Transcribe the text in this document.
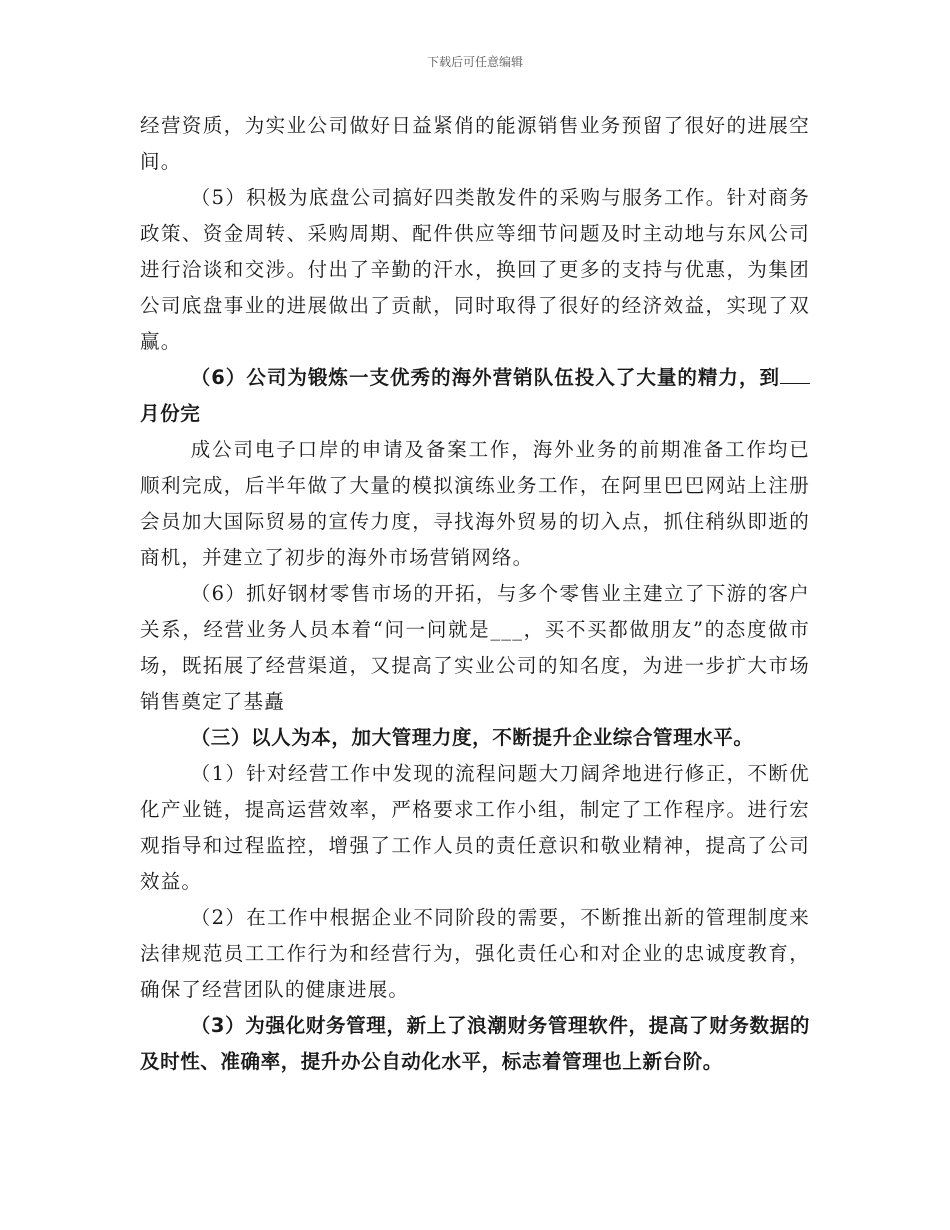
下载后可任意编辑

经营资质，为实业公司做好日益紧俏的能源销售业务预留了很好的进展空间。

（5）积极为底盘公司搞好四类散发件的采购与服务工作。针对商务政策、资金周转、采购周期、配件供应等细节问题及时主动地与东风公司进行洽谈和交涉。付出了辛勤的汗水，换回了更多的支持与优惠，为集团公司底盘事业的进展做出了贡献，同时取得了很好的经济效益，实现了双赢。

（6）公司为锻炼一支优秀的海外营销队伍投入了大量的精力，到月份完

成公司电子口岸的申请及备案工作，海外业务的前期准备工作均已顺利完成，后半年做了大量的模拟演练业务工作，在阿里巴巴网站上注册会员加大国际贸易的宣传力度，寻找海外贸易的切入点，抓住稍纵即逝的商机，并建立了初步的海外市场营销网络。

（6）抓好钢材零售市场的开拓，与多个零售业主建立了下游的客户关系，经营业务人员本着“问一问就是___，买不买都做朋友”的态度做市场，既拓展了经营渠道，又提高了实业公司的知名度，为进一步扩大市场销售奠定了基矗

（三）以人为本，加大管理力度，不断提升企业综合管理水平。

（1）针对经营工作中发现的流程问题大刀阔斧地进行修正，不断优化产业链，提高运营效率，严格要求工作小组，制定了工作程序。进行宏观指导和过程监控，增强了工作人员的责任意识和敬业精神，提高了公司效益。

（2）在工作中根据企业不同阶段的需要，不断推出新的管理制度来法律规范员工工作行为和经营行为，强化责任心和对企业的忠诚度教育，确保了经营团队的健康进展。

（3）为强化财务管理，新上了浪潮财务管理软件，提高了财务数据的及时性、准确率，提升办公自动化水平，标志着管理也上新台阶。
